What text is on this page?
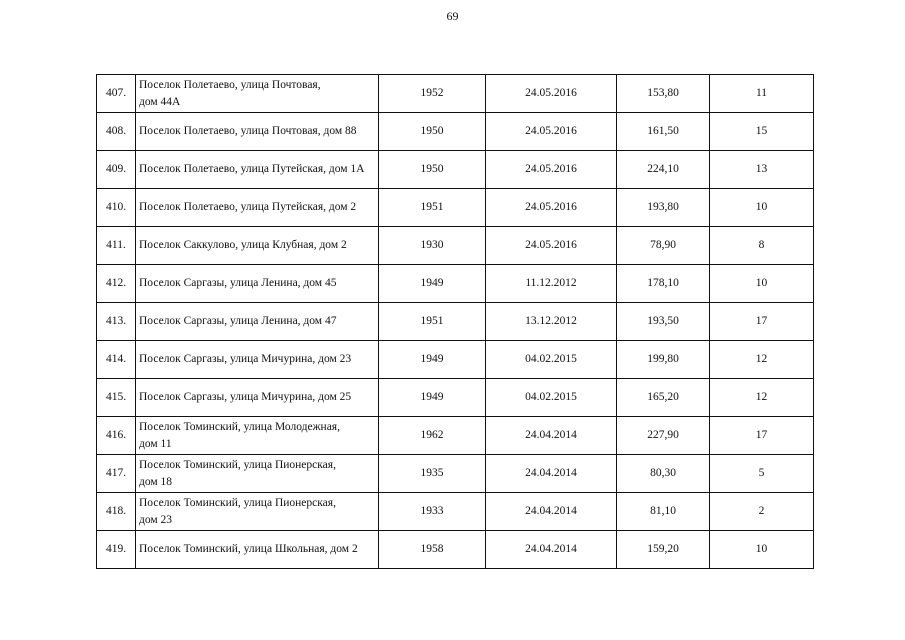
69
407.	Поселок Полетаево, улица Почтовая,
дом 44А	1952	24.05.2016	153,80	11
408.	Поселок Полетаево, улица Почтовая, дом 88	1950	24.05.2016	161,50	15
409.	Поселок Полетаево, улица Путейская, дом 1А	1950	24.05.2016	224,10	13
410.	Поселок Полетаево, улица Путейская, дом 2	1951	24.05.2016	193,80	10
411.	Поселок Саккулово, улица Клубная, дом 2	1930	24.05.2016	78,90	8
412.	Поселок Саргазы, улица Ленина, дом 45	1949	11.12.2012	178,10	10
413.	Поселок Саргазы, улица Ленина, дом 47	1951	13.12.2012	193,50	17
414.	Поселок Саргазы, улица Мичурина, дом 23	1949	04.02.2015	199,80	12
415.	Поселок Саргазы, улица Мичурина, дом 25	1949	04.02.2015	165,20	12
416.	Поселок Томинский, улица Молодежная,
дом 11	1962	24.04.2014	227,90	17
417.	Поселок Томинский, улица Пионерская,
дом 18	1935	24.04.2014	80,30	5
418.	Поселок Томинский, улица Пионерская,
дом 23	1933	24.04.2014	81,10	2
419.	Поселок Томинский, улица Школьная, дом 2	1958	24.04.2014	159,20	10
